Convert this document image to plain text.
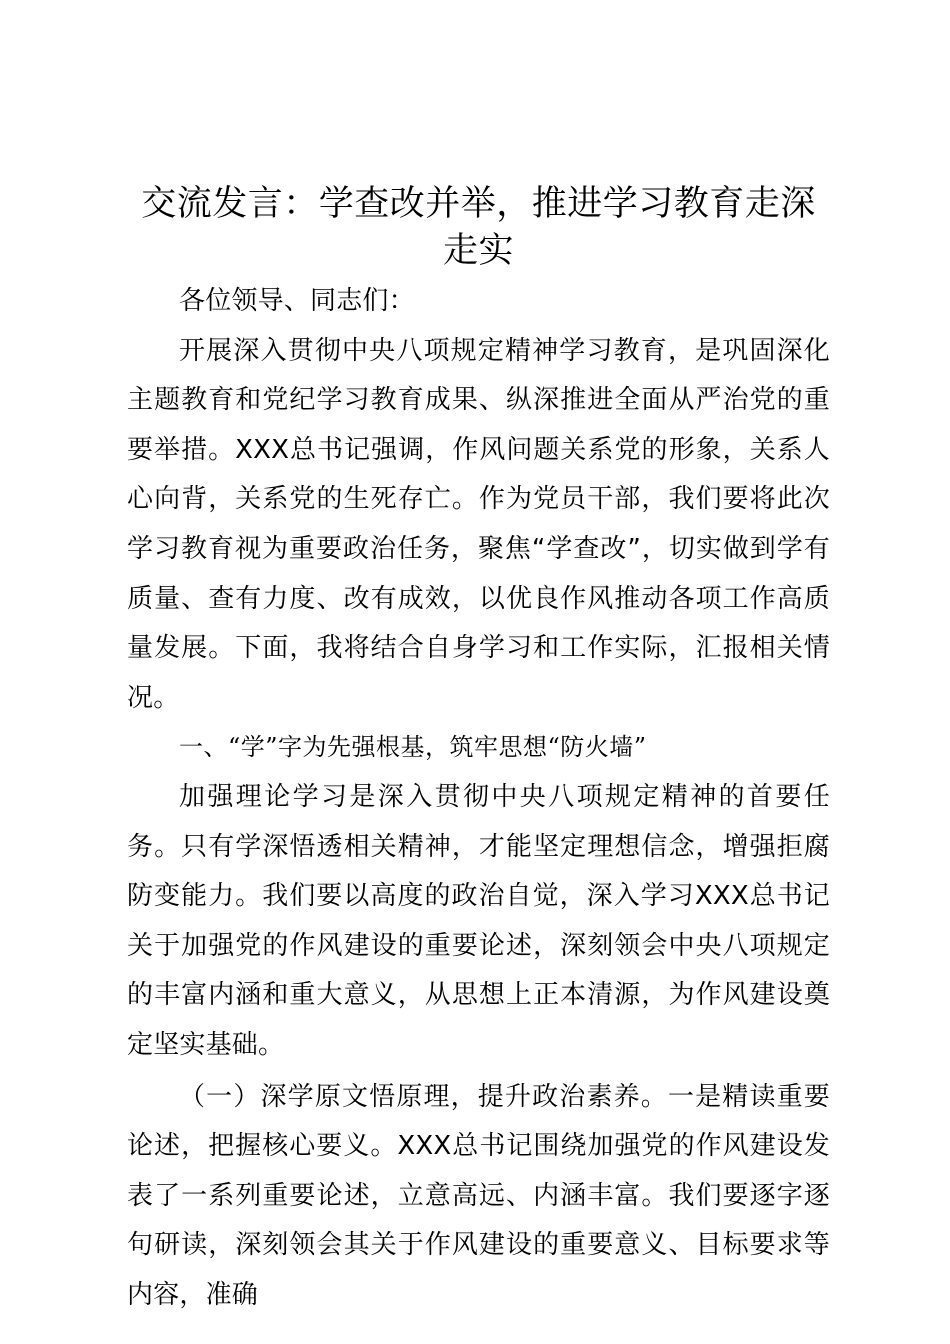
交流发言：学查改并举，推进学习教育走深走实

各位领导、同志们：

开展深入贯彻中央八项规定精神学习教育，是巩固深化主题教育和党纪学习教育成果、纵深推进全面从严治党的重要举措。XXX总书记强调，作风问题关系党的形象，关系人心向背，关系党的生死存亡。作为党员干部，我们要将此次学习教育视为重要政治任务，聚焦“学查改”，切实做到学有质量、查有力度、改有成效，以优良作风推动各项工作高质量发展。下面，我将结合自身学习和工作实际，汇报相关情况。

一、“学”字为先强根基，筑牢思想“防火墙”

加强理论学习是深入贯彻中央八项规定精神的首要任务。只有学深悟透相关精神，才能坚定理想信念，增强拒腐防变能力。我们要以高度的政治自觉，深入学习XXX总书记关于加强党的作风建设的重要论述，深刻领会中央八项规定的丰富内涵和重大意义，从思想上正本清源，为作风建设奠定坚实基础。

（一）深学原文悟原理，提升政治素养。一是精读重要论述，把握核心要义。XXX总书记围绕加强党的作风建设发表了一系列重要论述，立意高远、内涵丰富。我们要逐字逐句研读，深刻领会其关于作风建设的重要意义、目标要求等内容，准确
